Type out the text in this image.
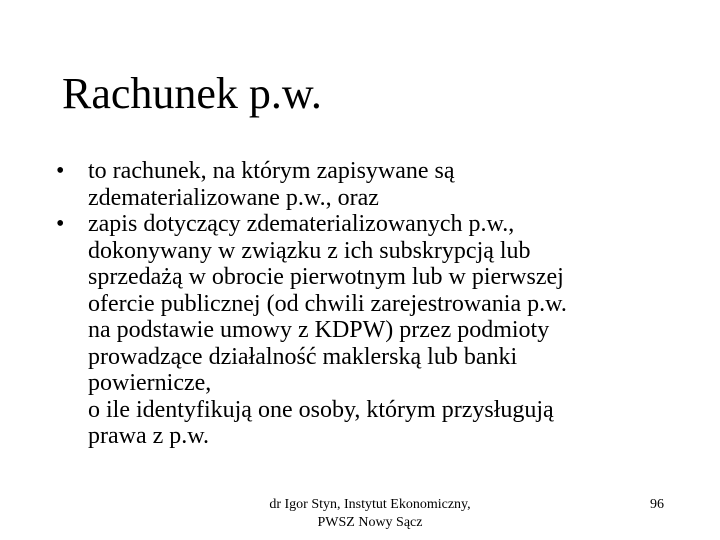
Rachunek p.w.
• to rachunek, na którym zapisywane są
zdematerializowane p.w., oraz
• zapis dotyczący zdematerializowanych p.w.,
dokonywany w związku z ich subskrypcją lub
sprzedażą w obrocie pierwotnym lub w pierwszej
ofercie publicznej (od chwili zarejestrowania p.w.
na podstawie umowy z KDPW) przez podmioty
prowadzące działalność maklerską lub banki
powiernicze,
o ile identyfikują one osoby, którym przysługują
prawa z p.w.
dr Igor Styn, Instytut Ekonomiczny,
PWSZ Nowy Sącz
96
